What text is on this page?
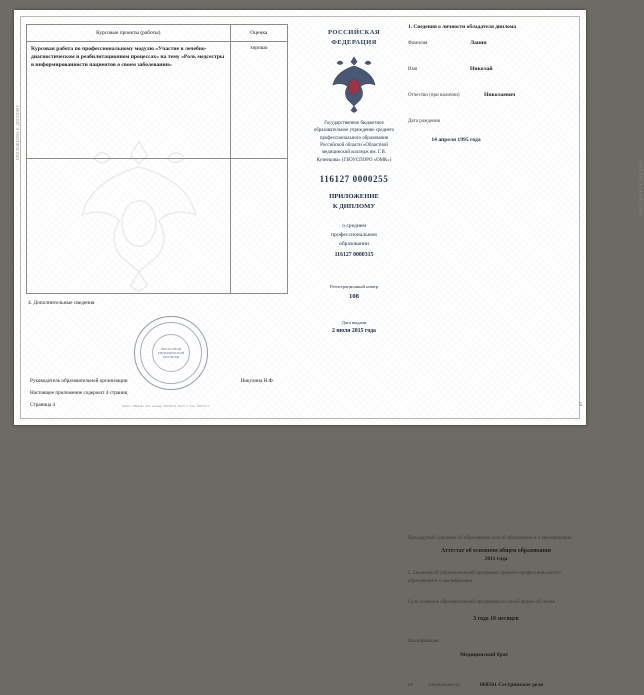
ПРИЛОЖЕНИЕ К ДИПЛОМУ
ПРИЛОЖЕНИЕ К ДИПЛОМУ
Курсовые проекты (работы)	Оценка

Курсовая работа по профессиональному модулю «Участие в лечебно-диагностическом и реабилитационном процессах» на тему «Роль медсестры в информированности пациентов о своем заболевании»	хорошо

4. Дополнительные сведения
ОБЛАСТНОЙ МЕДИЦИНСКИЙ КОЛЛЕДЖ
Руководитель образовательной организации	Никулина Н.Ф.
Настоящее приложение содержит 4 страниц
Страница 4	ООО «ЗНАК» Рег. номер №00014 2015 г. Зак. №03217
РОССИЙСКАЯ
ФЕДЕРАЦИЯ
Государственное бюджетное образовательное учреждение среднего профессионального образования Российской области «Областной медицинский колледж им. Г.В. Кузнецова» (ГБОУСПОРО «ОМК»)
116127 0000255
ПРИЛОЖЕНИЕ
К ДИПЛОМУ
о среднем
профессиональном
образовании
116127 0000315
Регистрационный номер
108
Дата выдачи
2 июля 2015 года
1. Сведения о личности обладателя диплома
Фамилия	Лапин
Имя	Николай
Отчество (при наличии)	Николаевич
Дата рождения
14 апреля 1995 года
Предыдущий документ об образовании или об образовании и о квалификации
Аттестат об основном общем образовании
2011 года
2. Сведения об образовательной программе среднего профессионального образования и о квалификации
Срок освоения образовательной программы по очной форме обучения
3 года 10 месяцев
Квалификация
Медицинский брат
по	специальности	060501 Сестринское дело
5
